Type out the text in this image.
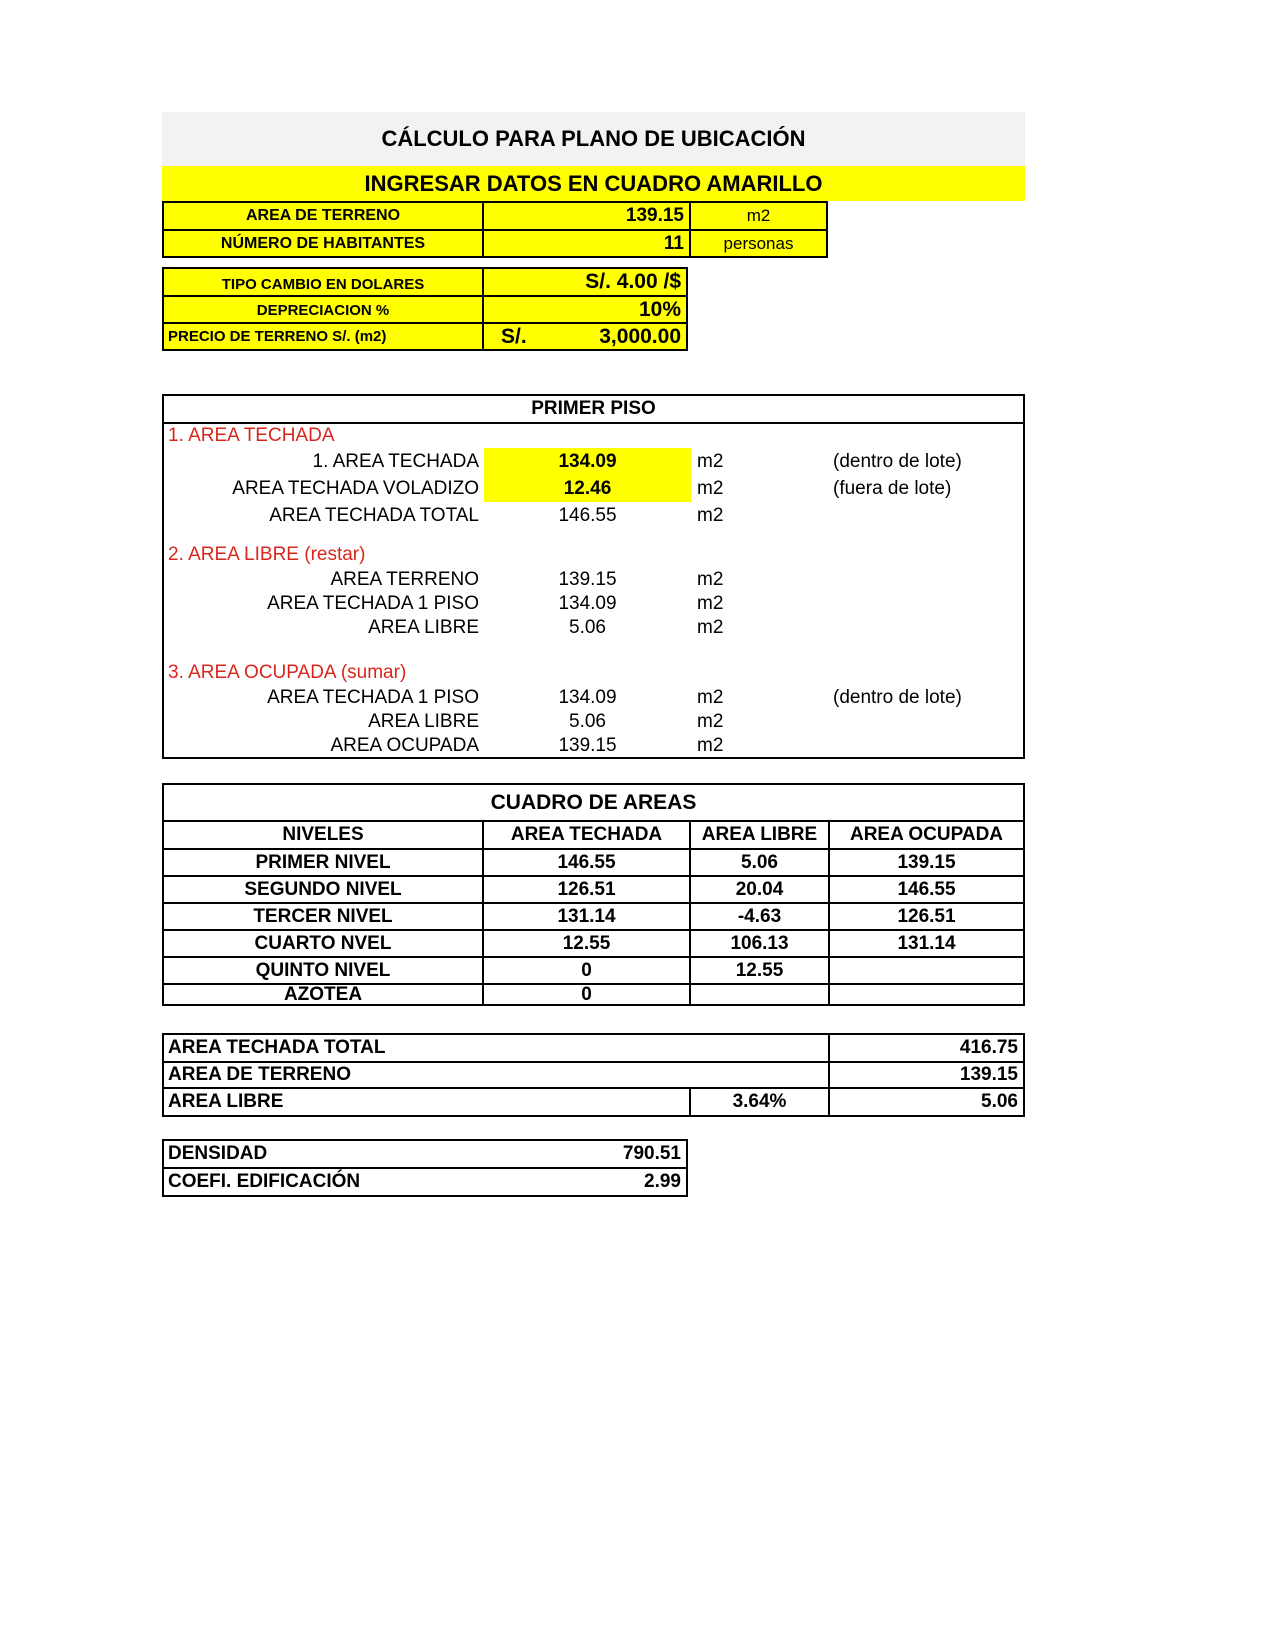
CÁLCULO PARA PLANO DE UBICACIÓN
INGRESAR DATOS EN CUADRO AMARILLO
AREA DE TERRENO	139.15	m2
NÚMERO DE HABITANTES	11	personas
TIPO CAMBIO EN DOLARES	S/. 4.00 /$
DEPRECIACION %	10%
PRECIO DE TERRENO S/. (m2)	S/.	3,000.00
PRIMER PISO
1. AREA TECHADA
1. AREA TECHADA	134.09	m2	(dentro de lote)
AREA TECHADA VOLADIZO	12.46	m2	(fuera de lote)
AREA TECHADA TOTAL	146.55	m2
2. AREA LIBRE (restar)
AREA TERRENO	139.15	m2
AREA TECHADA 1 PISO	134.09	m2
AREA LIBRE	5.06	m2
3. AREA OCUPADA (sumar)
AREA TECHADA 1 PISO	134.09	m2	(dentro de lote)
AREA LIBRE	5.06	m2
AREA OCUPADA	139.15	m2
CUADRO DE AREAS
NIVELES	AREA TECHADA	AREA LIBRE	AREA OCUPADA
PRIMER NIVEL	146.55	5.06	139.15
SEGUNDO NIVEL	126.51	20.04	146.55
TERCER NIVEL	131.14	-4.63	126.51
CUARTO NVEL	12.55	106.13	131.14
QUINTO NIVEL	0	12.55
AZOTEA	0
AREA TECHADA TOTAL	416.75
AREA DE TERRENO	139.15
AREA LIBRE	3.64%	5.06
DENSIDAD	790.51
COEFI. EDIFICACIÓN	2.99
